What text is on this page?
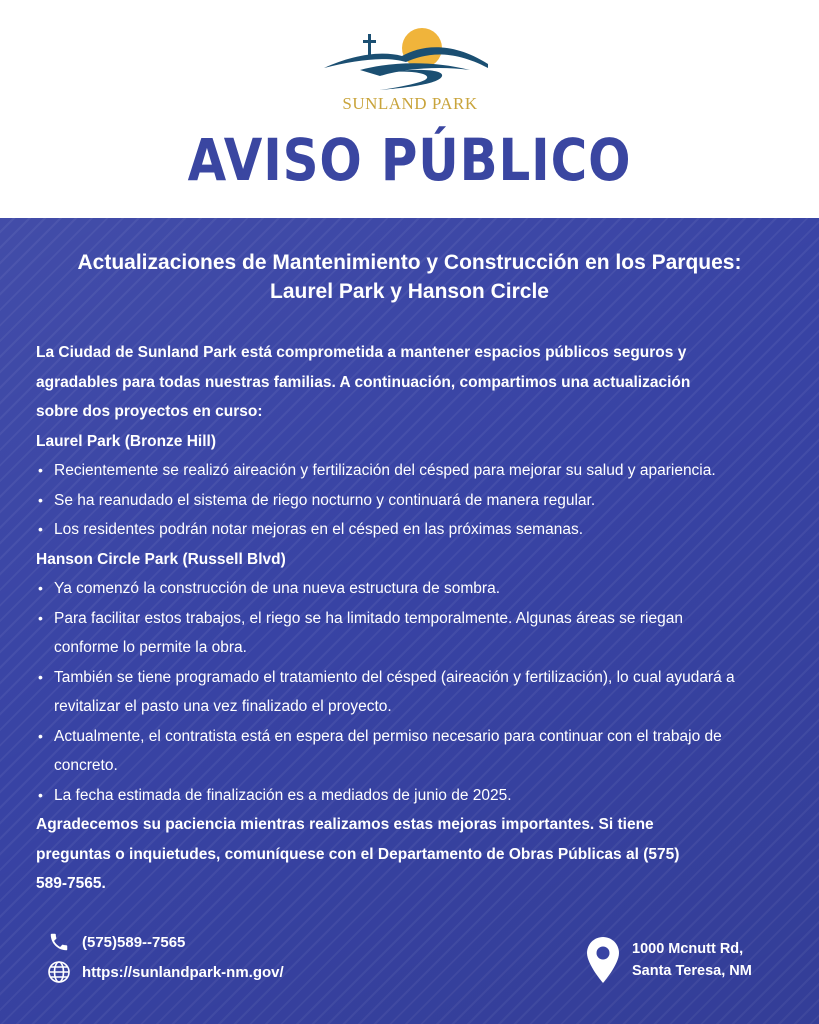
SUNLAND PARK
AVISO PÚBLICO
Actualizaciones de Mantenimiento y Construcción en los Parques:
Laurel Park y Hanson Circle
La Ciudad de Sunland Park está comprometida a mantener espacios públicos seguros y
agradables para todas nuestras familias. A continuación, compartimos una actualización
sobre dos proyectos en curso:
Laurel Park (Bronze Hill)
• Recientemente se realizó aireación y fertilización del césped para mejorar su salud y apariencia.
• Se ha reanudado el sistema de riego nocturno y continuará de manera regular.
• Los residentes podrán notar mejoras en el césped en las próximas semanas.
Hanson Circle Park (Russell Blvd)
• Ya comenzó la construcción de una nueva estructura de sombra.
• Para facilitar estos trabajos, el riego se ha limitado temporalmente. Algunas áreas se riegan
conforme lo permite la obra.
• También se tiene programado el tratamiento del césped (aireación y fertilización), lo cual ayudará a
revitalizar el pasto una vez finalizado el proyecto.
• Actualmente, el contratista está en espera del permiso necesario para continuar con el trabajo de
concreto.
• La fecha estimada de finalización es a mediados de junio de 2025.
Agradecemos su paciencia mientras realizamos estas mejoras importantes. Si tiene
preguntas o inquietudes, comuníquese con el Departamento de Obras Públicas al (575)
589-7565.
(575)589--7565
https://sunlandpark-nm.gov/
1000 Mcnutt Rd,
Santa Teresa, NM
